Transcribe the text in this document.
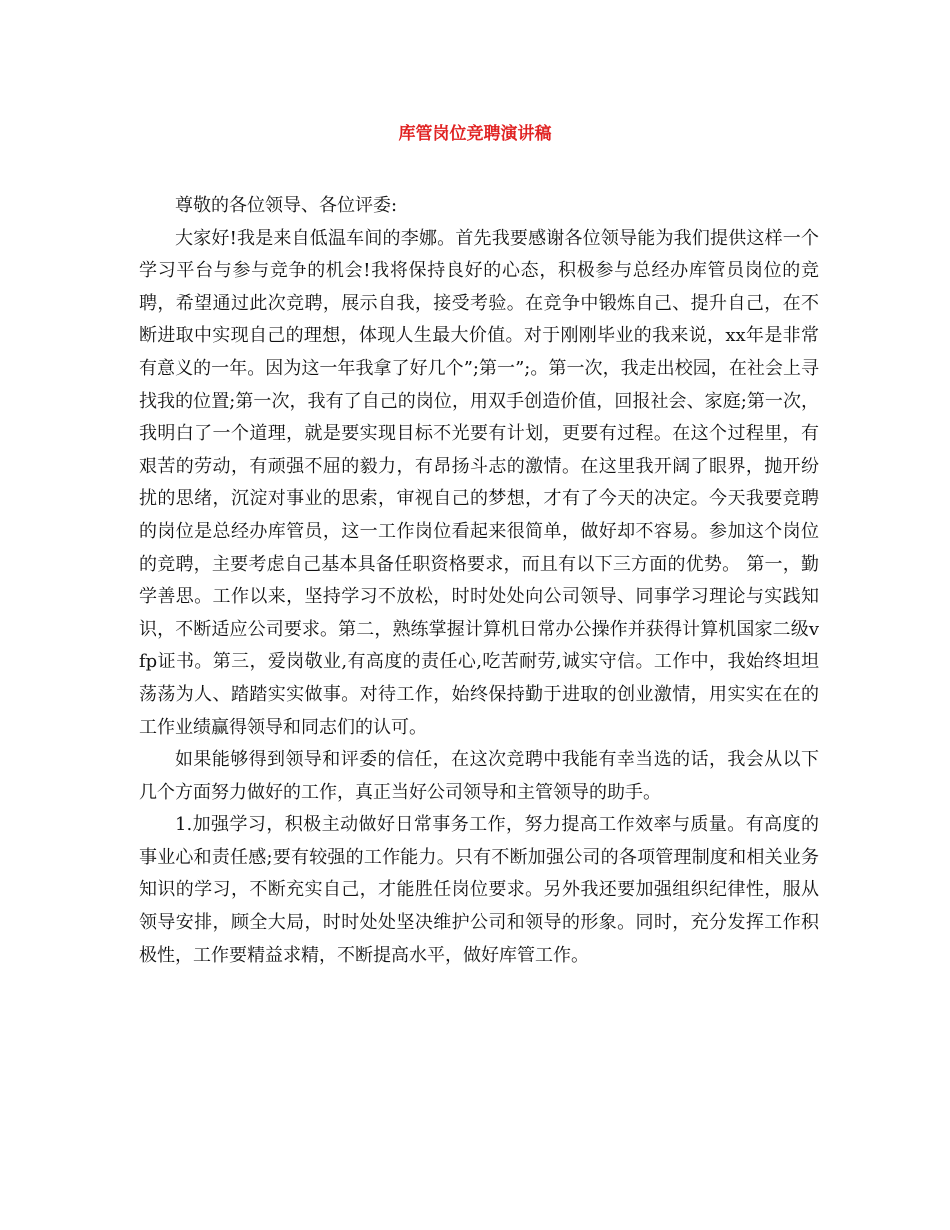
库管岗位竞聘演讲稿

尊敬的各位领导、各位评委:

大家好!我是来自低温车间的李娜。首先我要感谢各位领导能为我们提供这样一个学习平台与参与竞争的机会!我将保持良好的心态，积极参与总经办库管员岗位的竞聘，希望通过此次竞聘，展示自我，接受考验。在竞争中锻炼自己、提升自己，在不断进取中实现自己的理想，体现人生最大价值。对于刚刚毕业的我来说，xx年是非常有意义的一年。因为这一年我拿了好几个”;第一”;。第一次，我走出校园，在社会上寻找我的位置;第一次，我有了自己的岗位，用双手创造价值，回报社会、家庭;第一次，我明白了一个道理，就是要实现目标不光要有计划，更要有过程。在这个过程里，有艰苦的劳动，有顽强不屈的毅力，有昂扬斗志的激情。在这里我开阔了眼界，抛开纷扰的思绪，沉淀对事业的思索，审视自己的梦想，才有了今天的决定。今天我要竞聘的岗位是总经办库管员，这一工作岗位看起来很简单，做好却不容易。参加这个岗位的竞聘，主要考虑自己基本具备任职资格要求，而且有以下三方面的优势。 第一，勤学善思。工作以来，坚持学习不放松，时时处处向公司领导、同事学习理论与实践知识，不断适应公司要求。第二，熟练掌握计算机日常办公操作并获得计算机国家二级vfp证书。第三，爱岗敬业,有高度的责任心,吃苦耐劳,诚实守信。工作中，我始终坦坦荡荡为人、踏踏实实做事。对待工作，始终保持勤于进取的创业激情，用实实在在的工作业绩赢得领导和同志们的认可。

如果能够得到领导和评委的信任，在这次竞聘中我能有幸当选的话，我会从以下几个方面努力做好的工作，真正当好公司领导和主管领导的助手。

1.加强学习，积极主动做好日常事务工作，努力提高工作效率与质量。有高度的事业心和责任感;要有较强的工作能力。只有不断加强公司的各项管理制度和相关业务知识的学习，不断充实自己，才能胜任岗位要求。另外我还要加强组织纪律性，服从领导安排，顾全大局，时时处处坚决维护公司和领导的形象。同时，充分发挥工作积极性，工作要精益求精，不断提高水平，做好库管工作。
